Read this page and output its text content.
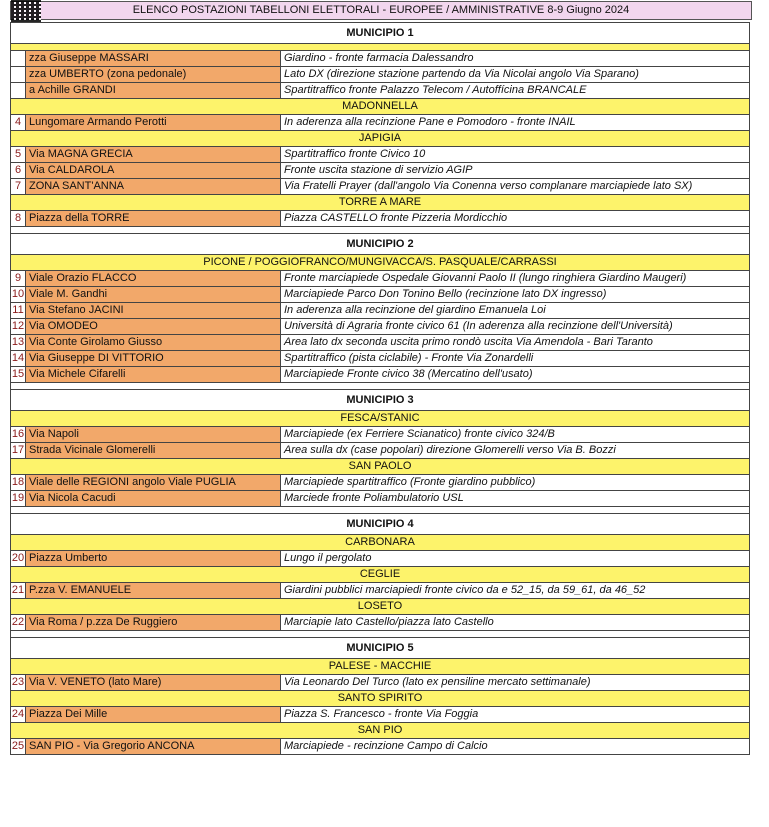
ELENCO POSTAZIONI TABELLONI ELETTORALI - EUROPEE / AMMINISTRATIVE 8-9 Giugno 2024
MUNICIPIO 1		

	zza Giuseppe MASSARI	Giardino - fronte farmacia Dalessandro
	zza UMBERTO (zona pedonale)	Lato DX (direzione stazione partendo da Via Nicolai angolo Via Sparano)
	a Achille GRANDI	Spartitraffico fronte Palazzo Telecom / Autoffícina BRANCALE
MADONNELLA		
4	Lungomare Armando Perotti	In aderenza alla recinzione Pane e Pomodoro - fronte INAIL
JAPIGIA		
5	Via MAGNA GRECIA	Spartitraffico fronte Civico 10
6	Via CALDAROLA	Fronte uscita stazione di servizio AGIP
7	ZONA SANT'ANNA	Via Fratelli Prayer (dall'angolo Via Conenna verso complanare marciapiede lato SX)
TORRE A MARE		
8	Piazza della TORRE	Piazza CASTELLO fronte Pizzeria Mordicchio

MUNICIPIO 2		
PICONE / POGGIOFRANCO/MUNGIVACCA/S. PASQUALE/CARRASSI		
9	Viale Orazio FLACCO	Fronte marciapiede Ospedale Giovanni Paolo II (lungo ringhiera Giardino Maugeri)
10	Viale M. Gandhi	Marciapiede Parco Don Tonino Bello (recinzione lato DX ingresso)
11	Via Stefano JACINI	In aderenza alla recinzione del giardino Emanuela Loi
12	Via OMODEO	Università di Agraria fronte civico 61 (In aderenza alla recinzione dell'Università)
13	Via Conte Girolamo Giusso	Area lato dx seconda uscita primo rondò uscita Via Amendola - Bari Taranto
14	Via Giuseppe DI VITTORIO	Spartitraffico (pista ciclabile) - Fronte Via Zonardelli
15	Via Michele Cifarelli	Marciapiede Fronte civico 38 (Mercatino dell'usato)

MUNICIPIO 3		
FESCA/STANIC		
16	Via Napoli	Marciapiede (ex Ferriere Scianatico) fronte civico 324/B
17	Strada Vicinale Glomerelli	Area sulla dx (case popolari) direzione Glomerelli verso Via B. Bozzi
SAN PAOLO		
18	Viale delle REGIONI angolo Viale PUGLIA	Marciapiede spartitraffico (Fronte giardino pubblico)
19	Via Nicola Cacudi	Marciede fronte Poliambulatorio USL

MUNICIPIO 4		
CARBONARA		
20	Piazza Umberto	Lungo il pergolato
CEGLIE		
21	P.zza V. EMANUELE	Giardini pubblici marciapiedi fronte civico da e 52_15, da 59_61, da 46_52
LOSETO		
22	Via Roma / p.zza De Ruggiero	Marciapie lato Castello/piazza lato Castello

MUNICIPIO 5		
PALESE - MACCHIE		
23	Via V. VENETO (lato Mare)	Via Leonardo Del Turco (lato ex pensiline mercato settimanale)
SANTO SPIRITO		
24	Piazza Dei Mille	Piazza S. Francesco - fronte Via Foggia
SAN PIO		
25	SAN PIO - Via Gregorio ANCONA	Marciapiede - recinzione Campo di Calcio
